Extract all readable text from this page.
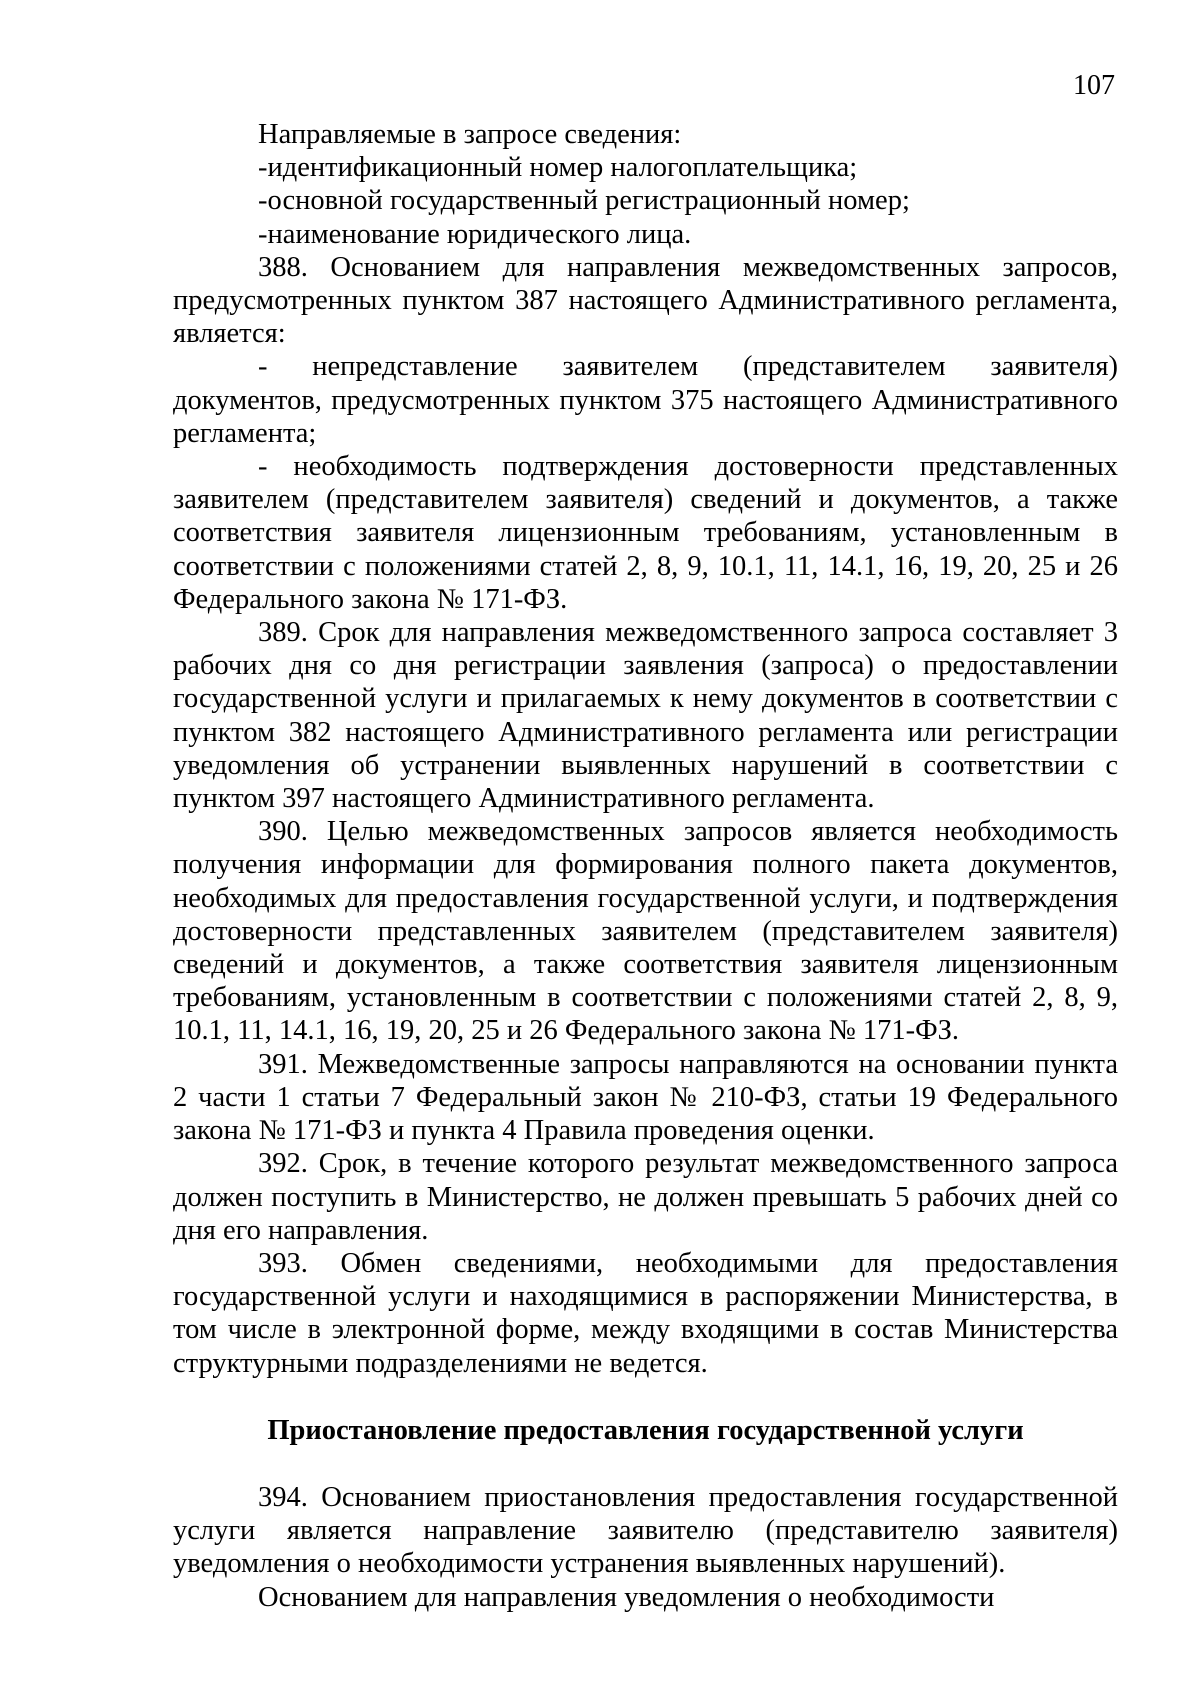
107

Направляемые в запросе сведения:

-идентификационный номер налогоплательщика;

-основной государственный регистрационный номер;

-наименование юридического лица.

388. Основанием для направления межведомственных запросов, предусмотренных пунктом 387 настоящего Административного регламента, является:

- непредставление заявителем (представителем заявителя) документов, предусмотренных пунктом 375 настоящего Административного регламента;

- необходимость подтверждения достоверности представленных заявителем (представителем заявителя) сведений и документов, а также соответствия заявителя лицензионным требованиям, установленным в соответствии с положениями статей 2, 8, 9, 10.1, 11, 14.1, 16, 19, 20, 25 и 26 Федерального закона № 171-ФЗ.

389. Срок для направления межведомственного запроса составляет 3 рабочих дня со дня регистрации заявления (запроса) о предоставлении государственной услуги и прилагаемых к нему документов в соответствии с пунктом 382 настоящего Административного регламента или регистрации уведомления об устранении выявленных нарушений в соответствии с пунктом 397 настоящего Административного регламента.

390. Целью межведомственных запросов является необходимость получения информации для формирования полного пакета документов, необходимых для предоставления государственной услуги, и подтверждения достоверности представленных заявителем (представителем заявителя) сведений и документов, а также соответствия заявителя лицензионным требованиям, установленным в соответствии с положениями статей 2, 8, 9, 10.1, 11, 14.1, 16, 19, 20, 25 и 26 Федерального закона № 171-ФЗ.

391. Межведомственные запросы направляются на основании пункта 2 части 1 статьи 7 Федеральный закон № 210-ФЗ, статьи 19 Федерального закона № 171-ФЗ и пункта 4 Правила проведения оценки.

392. Срок, в течение которого результат межведомственного запроса должен поступить в Министерство, не должен превышать 5 рабочих дней со дня его направления.

393. Обмен сведениями, необходимыми для предоставления государственной услуги и находящимися в распоряжении Министерства, в том числе в электронной форме, между входящими в состав Министерства структурными подразделениями не ведется.

Приостановление предоставления государственной услуги

394. Основанием приостановления предоставления государственной услуги является направление заявителю (представителю заявителя) уведомления о необходимости устранения выявленных нарушений).

Основанием для направления уведомления о необходимости
